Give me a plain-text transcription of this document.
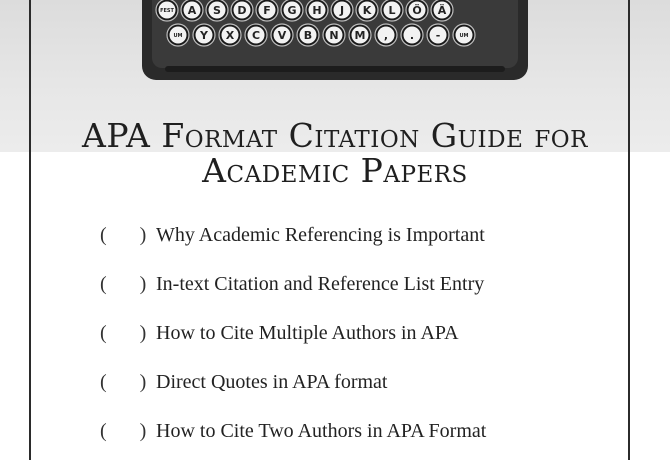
FEST A S D F G H J K L Ö Ä
UM Y X C V B N M , . -	UM
APA Format Citation Guide for
Academic Papers
( )
Why Academic Referencing is Important
( )
In-text Citation and Reference List Entry
( )
How to Cite Multiple Authors in APA
( )
Direct Quotes in APA format
( )
How to Cite Two Authors in APA Format
